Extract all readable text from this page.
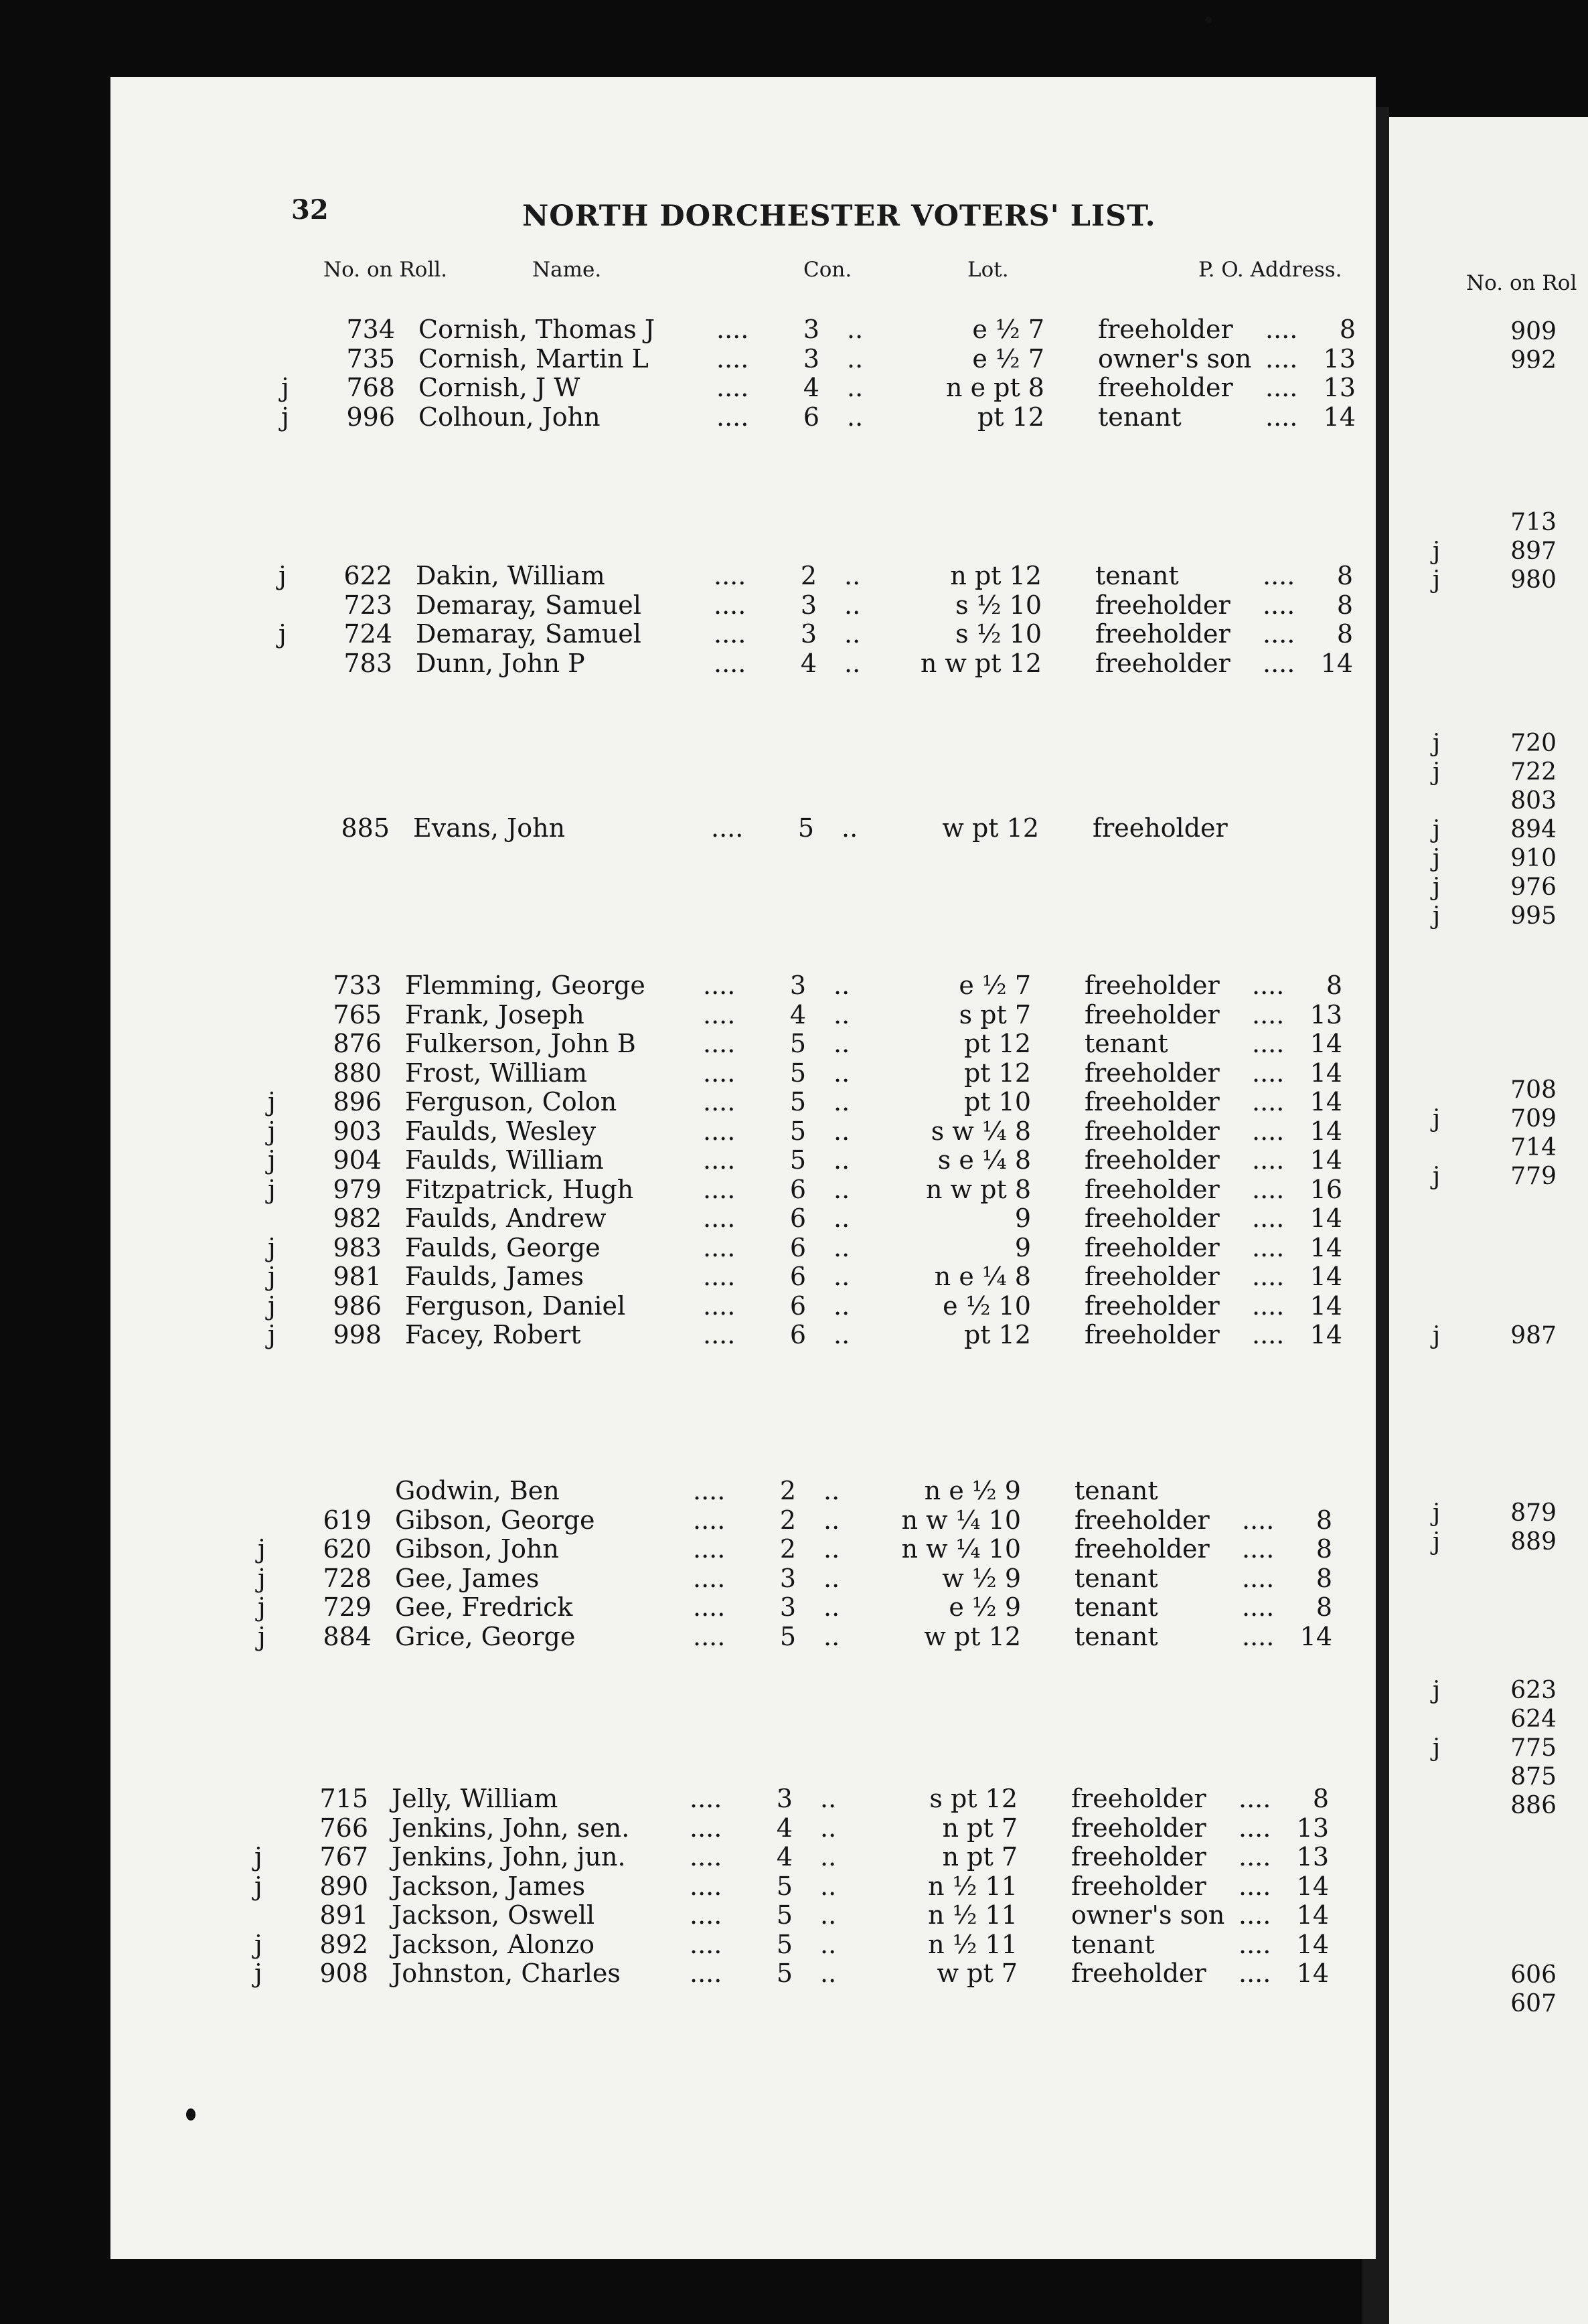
32	NORTH DORCHESTER VOTERS' LIST.
No. on Roll.	Name.	Con.	Lot.	P. O. Address.
734 Cornish, Thomas J .... 3 ..	e ½ 7 freeholder ....	8
735 Cornish, Martin L	.... 3 ..	e ½ 7 owner's son ....	13
j	768 Cornish, J W	.... 4 ..	n e pt 8 freeholder ....	13
j	996 Colhoun, John	.... 6 ..	pt 12 tenant	....	14
j	622 Dakin, William	.... 2 ..	n pt 12 tenant	....	8
723 Demaray, Samuel	.... 3 ..	s ½ 10 freeholder ....	8
j	724 Demaray, Samuel	.... 3 ..	s ½ 10 freeholder ....	8
783 Dunn, John P	.... 4 ..	n w pt 12 freeholder ....	14
885 Evans, John	.... 5 ..	w pt 12 freeholder
733 Flemming, George .... 3 ..	e ½ 7 freeholder ....	8
765 Frank, Joseph	.... 4 ..	s pt 7 freeholder ....	13
876 Fulkerson, John B	.... 5 ..	pt 12 tenant	....	14
880 Frost, William	.... 5 ..	pt 12 freeholder ....	14
j	896 Ferguson, Colon	.... 5 ..	pt 10 freeholder ....	14
j	903 Faulds, Wesley	.... 5 ..	s w ¼ 8 freeholder ....	14
j	904 Faulds, William	.... 5 ..	s e ¼ 8 freeholder ....	14
j	979 Fitzpatrick, Hugh	.... 6 ..	n w pt 8 freeholder ....	16
982 Faulds, Andrew	.... 6 ..	9 freeholder ....	14
j	983 Faulds, George	.... 6 ..	9 freeholder ....	14
j	981 Faulds, James	.... 6 ..	n e ¼ 8 freeholder ....	14
j	986 Ferguson, Daniel	.... 6 ..	e ½ 10 freeholder ....	14
j	998 Facey, Robert	.... 6 ..	pt 12 freeholder ....	14
Godwin, Ben	.... 2 ..	n e ½ 9 tenant
619 Gibson, George	.... 2 ..	n w ¼ 10 freeholder ....	8
j	620 Gibson, John	.... 2 ..	n w ¼ 10 freeholder ....	8
j	728 Gee, James	.... 3 ..	w ½ 9 tenant	....	8
j	729 Gee, Fredrick	.... 3 ..	e ½ 9 tenant	....	8
j	884 Grice, George	.... 5 ..	w pt 12 tenant	....	14
715 Jelly, William	.... 3 ..	s pt 12 freeholder ....	8
766 Jenkins, John, sen. .... 4 ..	n pt 7 freeholder ....	13
j	767 Jenkins, John, jun.	.... 4 ..	n pt 7 freeholder ....	13
j	890 Jackson, James	.... 5 ..	n ½ 11 freeholder ....	14
891 Jackson, Oswell	.... 5 ..	n ½ 11 owner's son ....	14
j	892 Jackson, Alonzo	.... 5 ..	n ½ 11 tenant	....	14
j	908 Johnston, Charles	.... 5 ..	w pt 7 freeholder ....	14
No. on Rol
909
992
713
j	897
j	980
j	720
j	722
803
j	894
j	910
j	976
j	995
708
j	709
714
j	779
j	987
j	879
j	889
j	623
624
j	775
875
886
606
607
